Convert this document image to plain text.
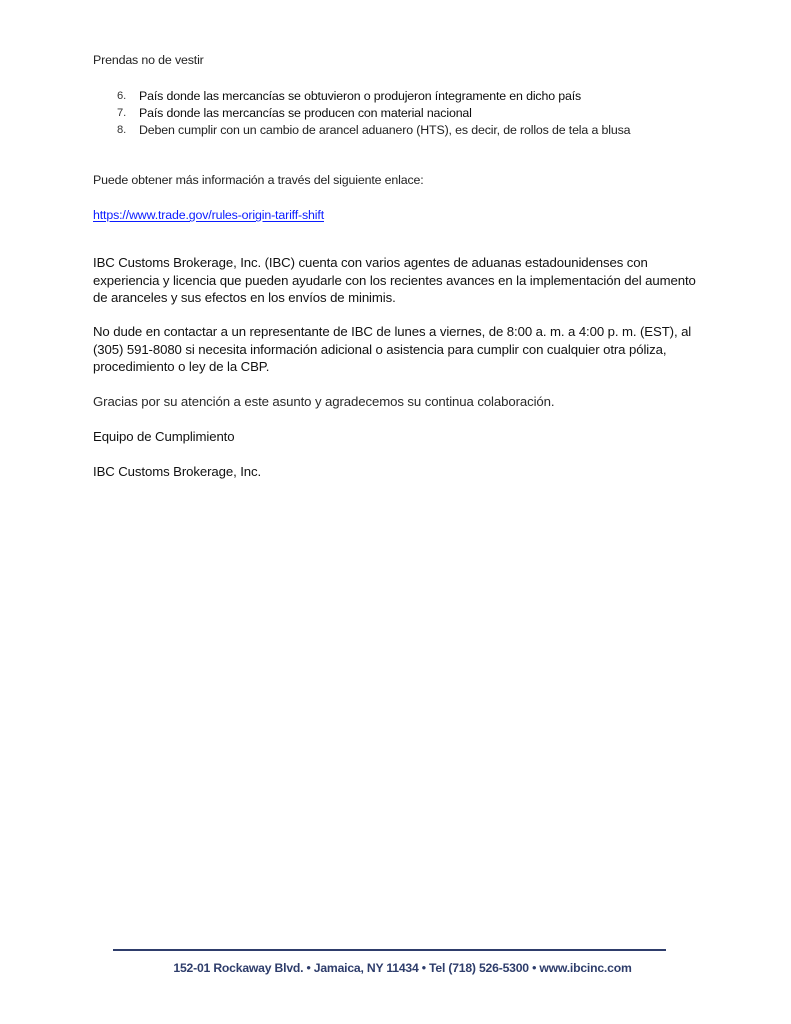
Prendas no de vestir
6. País donde las mercancías se obtuvieron o produjeron íntegramente en dicho país
7. País donde las mercancías se producen con material nacional
8. Deben cumplir con un cambio de arancel aduanero (HTS), es decir, de rollos de tela a blusa
Puede obtener más información a través del siguiente enlace:
https://www.trade.gov/rules-origin-tariff-shift

IBC Customs Brokerage, Inc. (IBC) cuenta con varios agentes de aduanas estadounidenses con experiencia y licencia que pueden ayudarle con los recientes avances en la implementación del aumento de aranceles y sus efectos en los envíos de minimis.

No dude en contactar a un representante de IBC de lunes a viernes, de 8:00 a. m. a 4:00 p. m. (EST), al (305) 591-8080 si necesita información adicional o asistencia para cumplir con cualquier otra póliza, procedimiento o ley de la CBP.

Gracias por su atención a este asunto y agradecemos su continua colaboración.

Equipo de Cumplimiento
IBC Customs Brokerage, Inc.
152-01 Rockaway Blvd. • Jamaica, NY 11434 • Tel (718) 526-5300 • www.ibcinc.com
